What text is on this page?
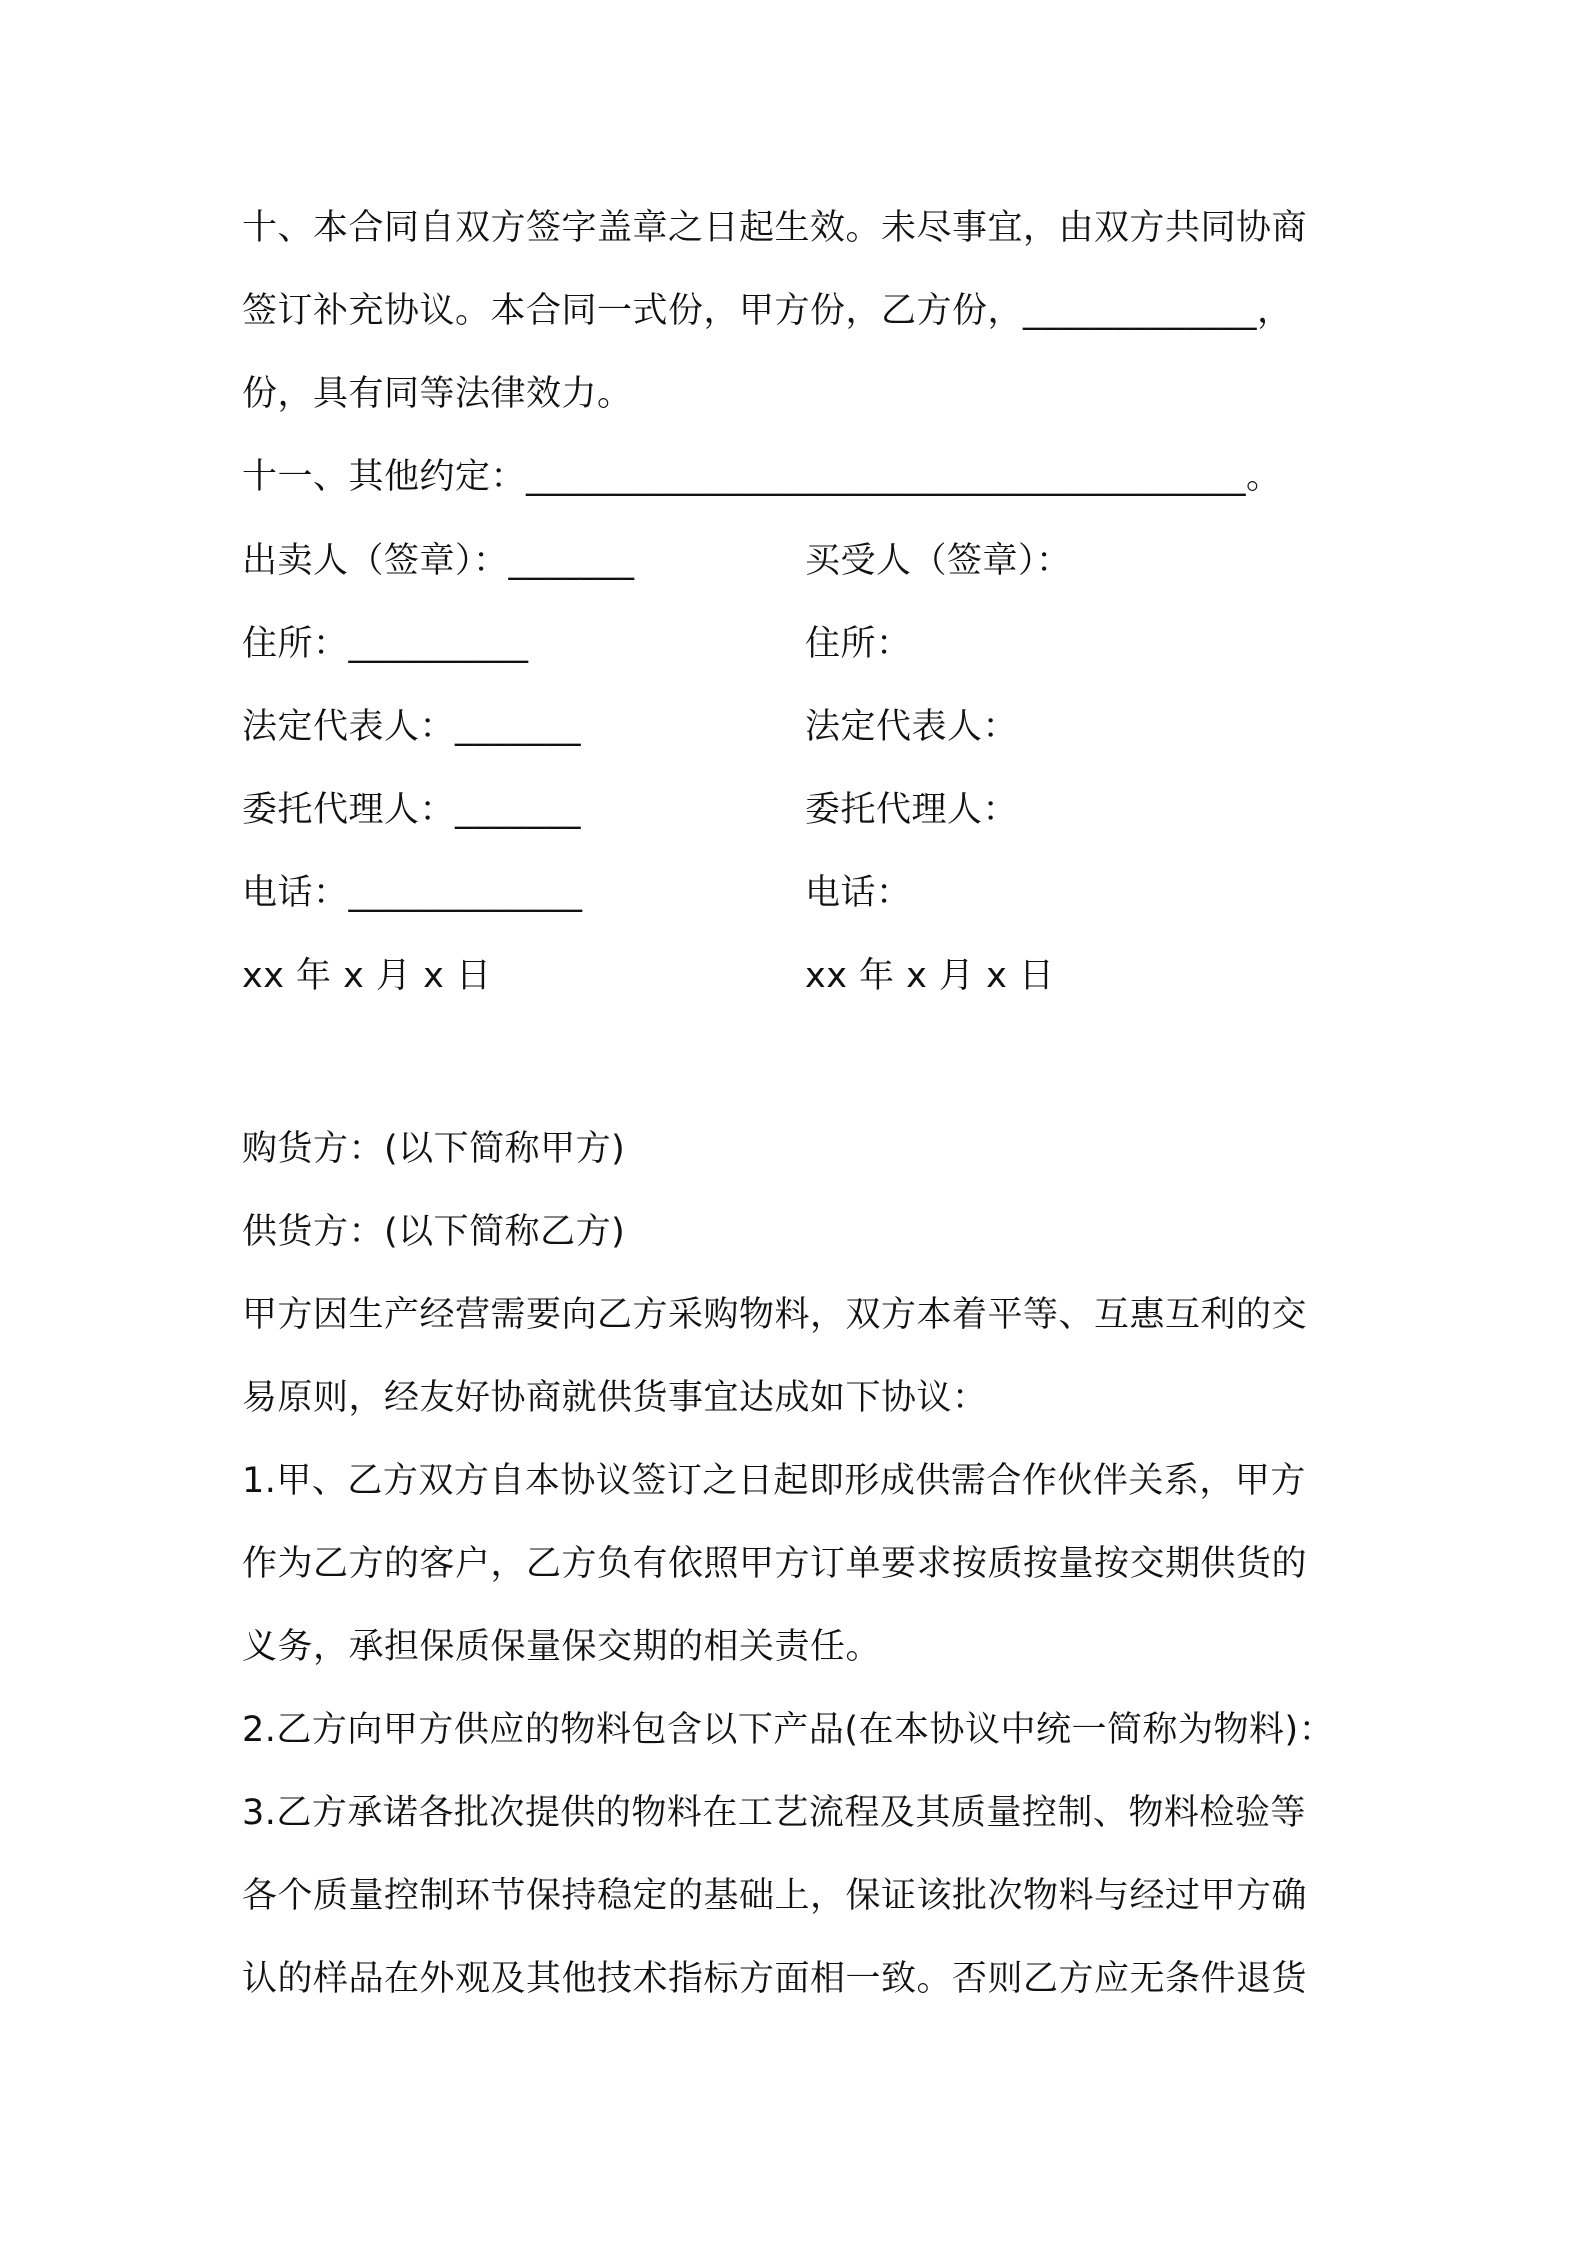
十、本合同自双方签字盖章之日起生效。未尽事宜，由双方共同协商
签订补充协议。本合同一式份，甲方份，乙方份，_____________，
份，具有同等法律效力。
十一、其他约定：________________________________________。
出卖人（签章）：_______	买受人（签章）：
住所：__________	住所：
法定代表人：_______	法定代表人：
委托代理人：_______	委托代理人：
电话：_____________	电话：
xx 年 x 月 x 日	xx 年 x 月 x 日
购货方：(以下简称甲方)
供货方：(以下简称乙方)
甲方因生产经营需要向乙方采购物料，双方本着平等、互惠互利的交
易原则，经友好协商就供货事宜达成如下协议：
1.甲、乙方双方自本协议签订之日起即形成供需合作伙伴关系，甲方
作为乙方的客户，乙方负有依照甲方订单要求按质按量按交期供货的
义务，承担保质保量保交期的相关责任。
2.乙方向甲方供应的物料包含以下产品(在本协议中统一简称为物料)：
3.乙方承诺各批次提供的物料在工艺流程及其质量控制、物料检验等
各个质量控制环节保持稳定的基础上，保证该批次物料与经过甲方确
认的样品在外观及其他技术指标方面相一致。否则乙方应无条件退货
